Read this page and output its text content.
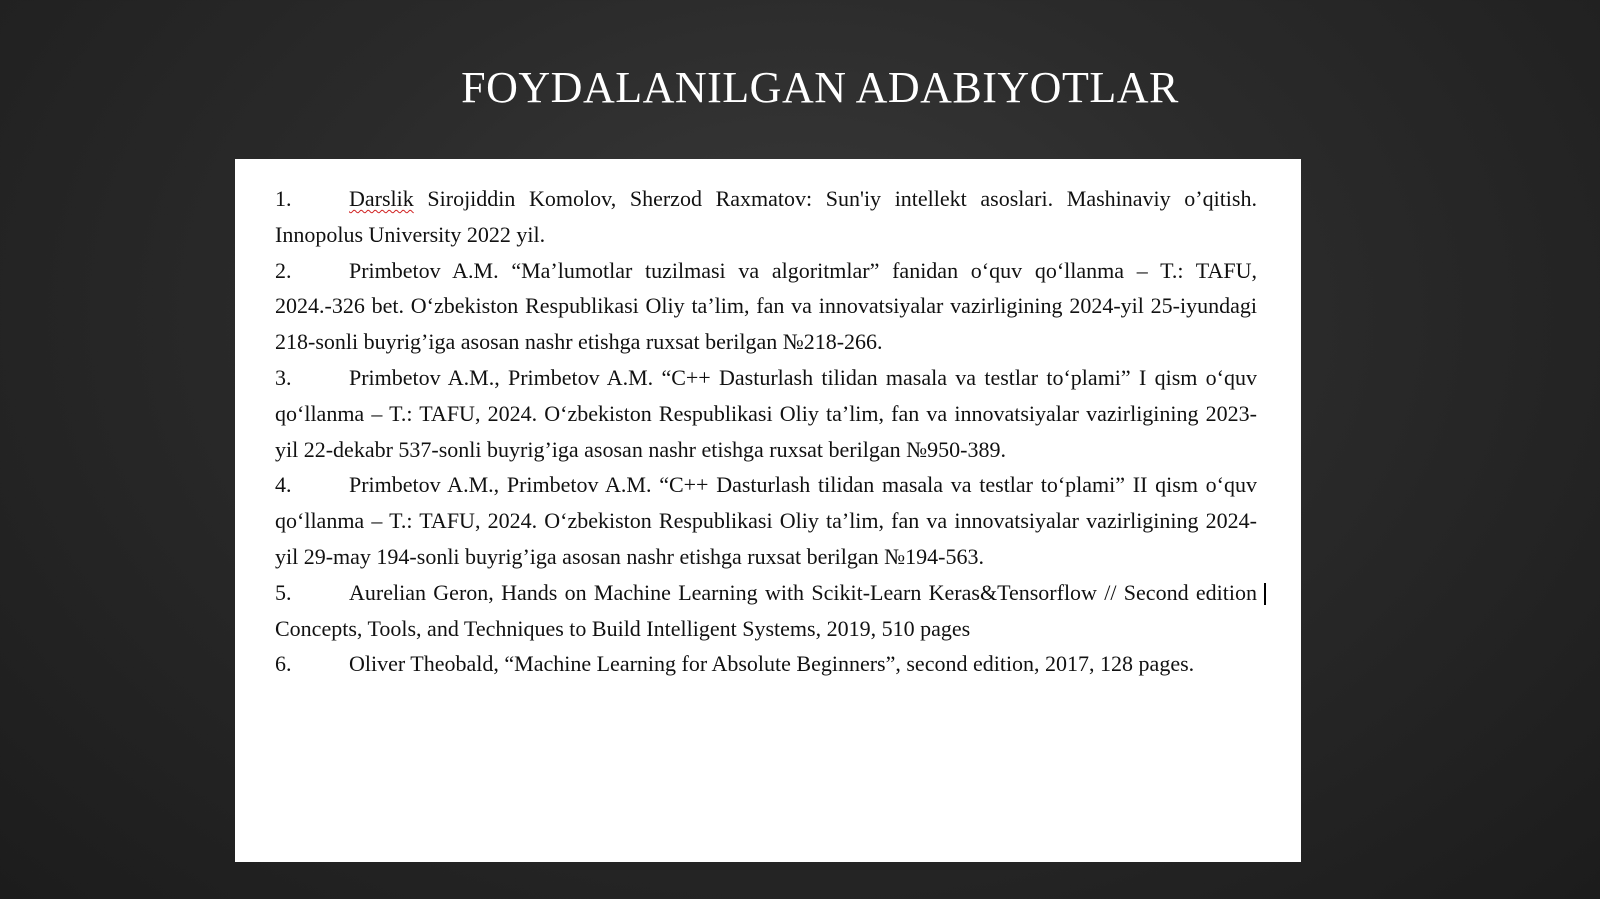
FOYDALANILGAN ADABIYOTLAR
1.	Darslik Sirojiddin Komolov, Sherzod Raxmatov: Sun'iy intellekt asoslari. Mashinaviy o’qitish. Innopolus University 2022 yil.
2.	Primbetov A.M. “Ma’lumotlar tuzilmasi va algoritmlar” fanidan o‘quv qo‘llanma – T.: TAFU, 2024.-326 bet. O‘zbekiston Respublikasi Oliy ta’lim, fan va innovatsiyalar vazirligining 2024-yil 25-iyundagi 218-sonli buyrig’iga asosan nashr etishga ruxsat berilgan №218-266.
3.	Primbetov A.M., Primbetov A.M. “C++ Dasturlash tilidan masala va testlar to‘plami” I qism o‘quv qo‘llanma – T.: TAFU, 2024. O‘zbekiston Respublikasi Oliy ta’lim, fan va innovatsiyalar vazirligining 2023-yil 22-dekabr 537-sonli buyrig’iga asosan nashr etishga ruxsat berilgan №950-389.
4.	Primbetov A.M., Primbetov A.M. “C++ Dasturlash tilidan masala va testlar to‘plami” II qism o‘quv qo‘llanma – T.: TAFU, 2024. O‘zbekiston Respublikasi Oliy ta’lim, fan va innovatsiyalar vazirligining 2024-yil 29-may 194-sonli buyrig’iga asosan nashr etishga ruxsat berilgan №194-563.
5.	Aurelian Geron, Hands on Machine Learning with Scikit-Learn Keras&Tensorflow // Second edition Concepts, Tools, and Techniques to Build Intelligent Systems, 2019, 510 pages
6.	Oliver Theobald, “Machine Learning for Absolute Beginners”, second edition, 2017, 128 pages.
